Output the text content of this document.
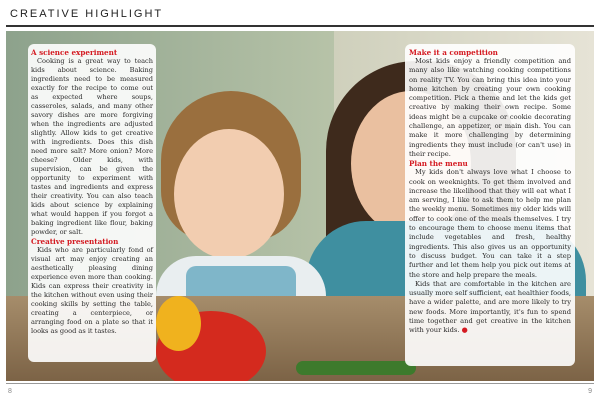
CREATIVE HIGHLIGHT
A science experiment

Cooking is a great way to teach kids about science. Baking ingredients need to be measured exactly for the recipe to come out as expected where soups, casseroles, salads, and many other savory dishes are more forgiving when the ingredients are adjusted slightly. Allow kids to get creative with ingredients. Does this dish need more salt? More onion? More cheese? Older kids, with supervision, can be given the opportunity to experiment with tastes and ingredients and express their creativity. You can also teach kids about science by explaining what would happen if you forgot a baking ingredient like flour, baking powder, or salt.

Creative presentation

Kids who are particularly fond of visual art may enjoy creating an aesthetically pleasing dining experience even more than cooking. Kids can express their creativity in the kitchen without even using their cooking skills by setting the table, creating a centerpiece, or arranging food on a plate so that it looks as good as it tastes.

Make it a competition

Most kids enjoy a friendly competition and many also like watching cooking competitions on reality TV. You can bring this idea into your home kitchen by creating your own cooking competition. Pick a theme and let the kids get creative by making their own recipe. Some ideas might be a cupcake or cookie decorating challenge, an appetizer, or main dish. You can make it more challenging by determining ingredients they must include (or can't use) in their recipe.

Plan the menu

My kids don't always love what I choose to cook on weeknights. To get them involved and increase the likelihood that they will eat what I am serving, I like to ask them to help me plan the weekly menu. Sometimes my older kids will offer to cook one of the meals themselves. I try to encourage them to choose menu items that include vegetables and fresh, healthy ingredients. This also gives us an opportunity to discuss budget. You can take it a step further and let them help you pick out items at the store and help prepare the meals.

Kids that are comfortable in the kitchen are usually more self sufficient, eat healthier foods, have a wider palette, and are more likely to try new foods. More importantly, it's fun to spend time together and get creative in the kitchen with your kids. ●

8	9
